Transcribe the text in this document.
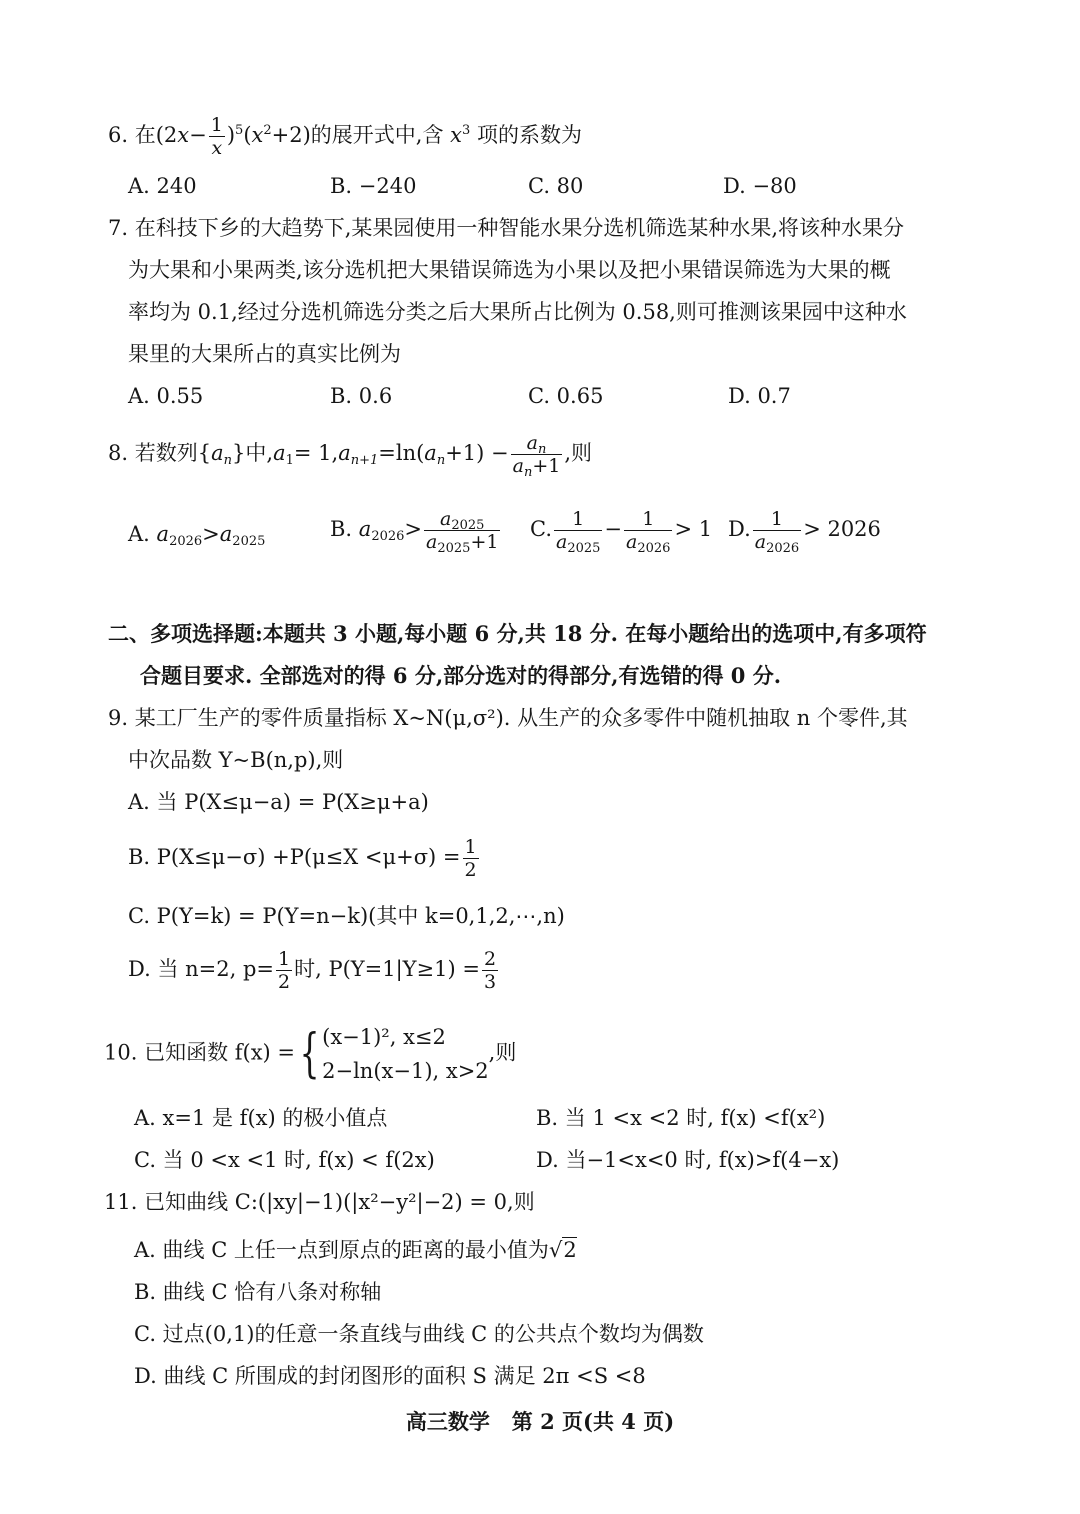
6. 在$(2x- \frac{1}{x} )^5(x^2+2)$的展开式中,含 $x^3$ 项的系数为
A. 240	B. −240	C. 80	D. −80
7. 在科技下乡的大趋势下,某果园使用一种智能水果分选机筛选某种水果,将该种水果分
为大果和小果两类,该分选机把大果错误筛选为小果以及把小果错误筛选为大果的概
率均为 0.1,经过分选机筛选分类之后大果所占比例为 0.58,则可推测该果园中这种水
果里的大果所占的真实比例为
A. 0.55	B. 0.6	C. 0.65	D. 0.7
8. 若数列$\{a_n\}$中$,a_1= 1,a_{n+1}=\ln(a_n+1) - \frac{a_n}{a_n+1}$ ,则
A. $a_{2026}>a_{2025}$
B. $a_{2026}> \frac{a_{2025}}{a_{2025}+1} C$. $\frac{1}{a_{2025}} - \frac{1}{a_{2026}} > 1$ D. $\frac{1}{a_{2026}} > 2026$
二、多项选择题:本题共 3 小题,每小题 6 分,共 18 分. 在每小题给出的选项中,有多项符
合题目要求. 全部选对的得 6 分,部分选对的得部分,有选错的得 0 分.
9. 某工厂生产的零件质量指标 X~N(μ,σ²). 从生产的众多零件中随机抽取 n 个零件,其
中次品数 Y~B(n,p),则
A. 当 P(X≤μ−a) = P(X≥μ+a)
B. $P(X\le\mu-\sigma) +P(\mu\le X <\mu+\sigma) = \frac{1}{2}$
C. P(Y=k) = P(Y=n−k)(其中 k=0,1,2,⋯,n)
D. 当 n=2, $p= \frac{1}{2}$ 时, $P(Y=1|Y\ge 1) = \frac{2}{3}$
10. 已知函数 f(x) ={ (x−1)², x≤2
2−ln(x−1), x>2
,则
A. x=1 是 f(x) 的极小值点	B. 当 1 <x <2 时, f(x) <f(x²)
C. 当 0 <x <1 时, f(x) < f(2x)	D. 当−1<x<0 时, f(x)>f(4−x)
11. 已知曲线 C:(|xy|−1)(|x²−y²|−2) = 0,则
A. 曲线 C 上任一点到原点的距离的最小值为√2
B. 曲线 C 恰有八条对称轴
C. 过点(0,1)的任意一条直线与曲线 C 的公共点个数均为偶数
D. 曲线 C 所围成的封闭图形的面积 S 满足 2π <S <8
高三数学   第 2 页(共 4 页)
